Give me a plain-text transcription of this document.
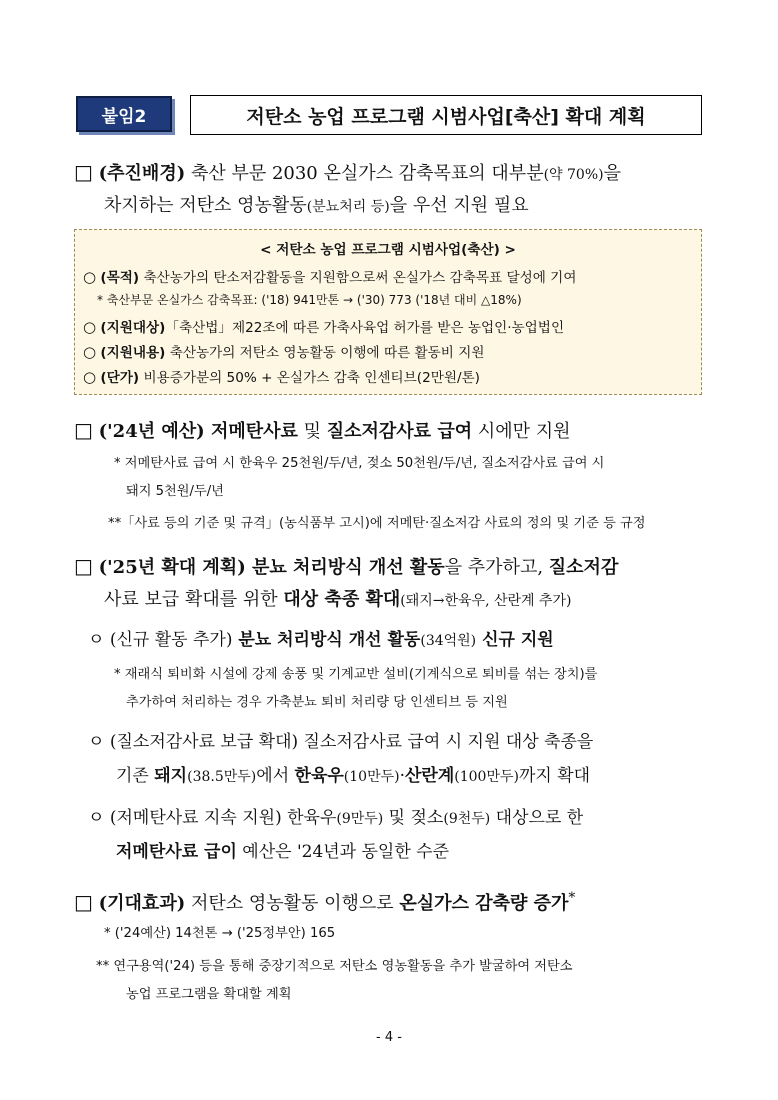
붙임2	저탄소 농업 프로그램 시범사업[축산] 확대 계획
□ (추진배경) 축산 부문 2030 온실가스 감축목표의 대부분(약 70%)을
차지하는 저탄소 영농활동(분뇨처리 등)을 우선 지원 필요
< 저탄소 농업 프로그램 시범사업(축산) >
○ (목적) 축산농가의 탄소저감활동을 지원함으로써 온실가스 감축목표 달성에 기여
* 축산부문 온실가스 감축목표: ('18) 941만톤 → ('30) 773 ('18년 대비 △18%)
○ (지원대상)「축산법」제22조에 따른 가축사육업 허가를 받은 농업인·농업법인
○ (지원내용) 축산농가의 저탄소 영농활동 이행에 따른 활동비 지원
○ (단가) 비용증가분의 50% + 온실가스 감축 인센티브(2만원/톤)
□ ('24년 예산) 저메탄사료 및 질소저감사료 급여 시에만 지원
* 저메탄사료 급여 시 한육우 25천원/두/년, 젖소 50천원/두/년, 질소저감사료 급여 시
돼지 5천원/두/년
**「사료 등의 기준 및 규격」(농식품부 고시)에 저메탄·질소저감 사료의 정의 및 기준 등 규정
□ ('25년 확대 계획) 분뇨 처리방식 개선 활동을 추가하고, 질소저감
사료 보급 확대를 위한 대상 축종 확대(돼지→한육우, 산란계 추가)
ㅇ (신규 활동 추가) 분뇨 처리방식 개선 활동(34억원) 신규 지원
* 재래식 퇴비화 시설에 강제 송풍 및 기계교반 설비(기계식으로 퇴비를 섞는 장치)를
추가하여 처리하는 경우 가축분뇨 퇴비 처리량 당 인센티브 등 지원
ㅇ (질소저감사료 보급 확대) 질소저감사료 급여 시 지원 대상 축종을
기존 돼지(38.5만두)에서 한육우(10만두)·산란계(100만두)까지 확대
ㅇ (저메탄사료 지속 지원) 한육우(9만두) 및 젖소(9천두) 대상으로 한
저메탄사료 급이 예산은 '24년과 동일한 수준
□ (기대효과) 저탄소 영농활동 이행으로 온실가스 감축량 증가*
* ('24예산) 14천톤 → ('25정부안) 165
** 연구용역('24) 등을 통해 중장기적으로 저탄소 영농활동을 추가 발굴하여 저탄소
농업 프로그램을 확대할 계획
- 4 -
